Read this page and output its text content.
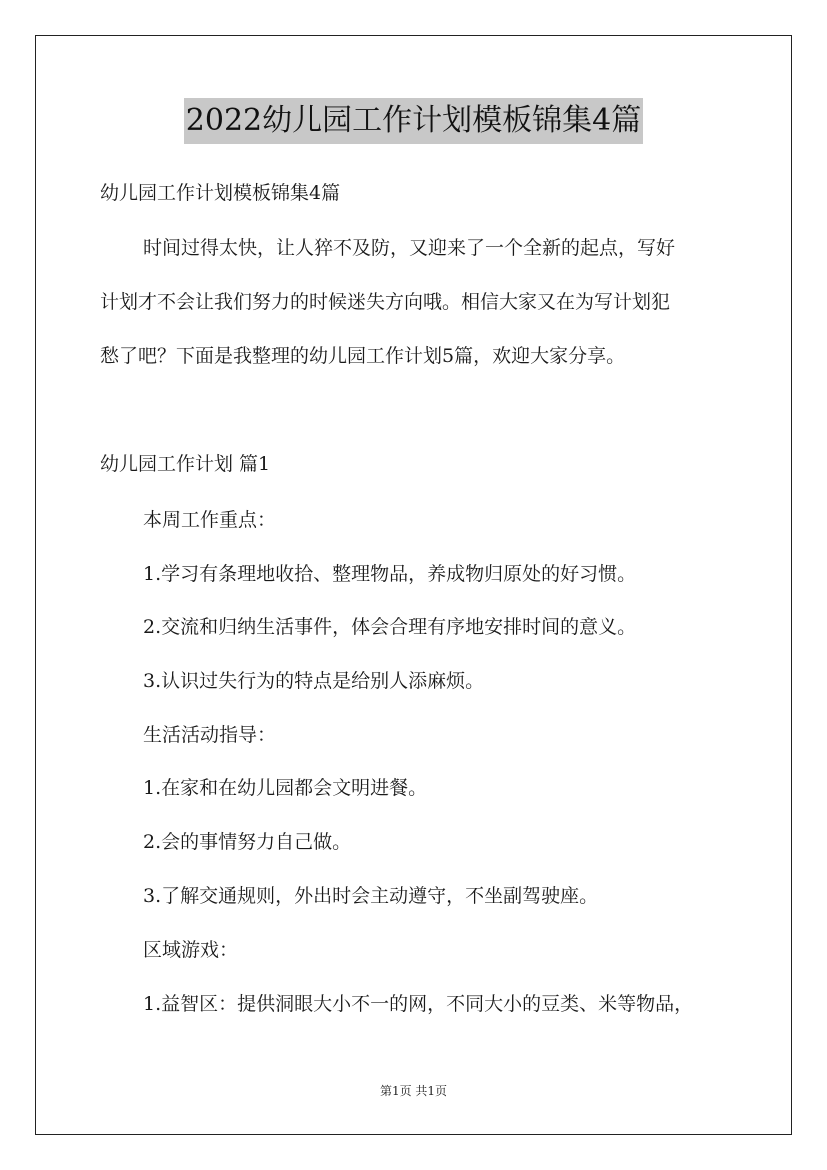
2022幼儿园工作计划模板锦集4篇
幼儿园工作计划模板锦集4篇
时间过得太快，让人猝不及防，又迎来了一个全新的起点，写好
计划才不会让我们努力的时候迷失方向哦。相信大家又在为写计划犯
愁了吧？下面是我整理的幼儿园工作计划5篇，欢迎大家分享。
幼儿园工作计划 篇1
本周工作重点：
1.学习有条理地收拾、整理物品，养成物归原处的好习惯。
2.交流和归纳生活事件，体会合理有序地安排时间的意义。
3.认识过失行为的特点是给别人添麻烦。
生活活动指导：
1.在家和在幼儿园都会文明进餐。
2.会的事情努力自己做。
3.了解交通规则，外出时会主动遵守，不坐副驾驶座。
区域游戏：
1.益智区：提供洞眼大小不一的网，不同大小的豆类、米等物品，
第1页 共1页
